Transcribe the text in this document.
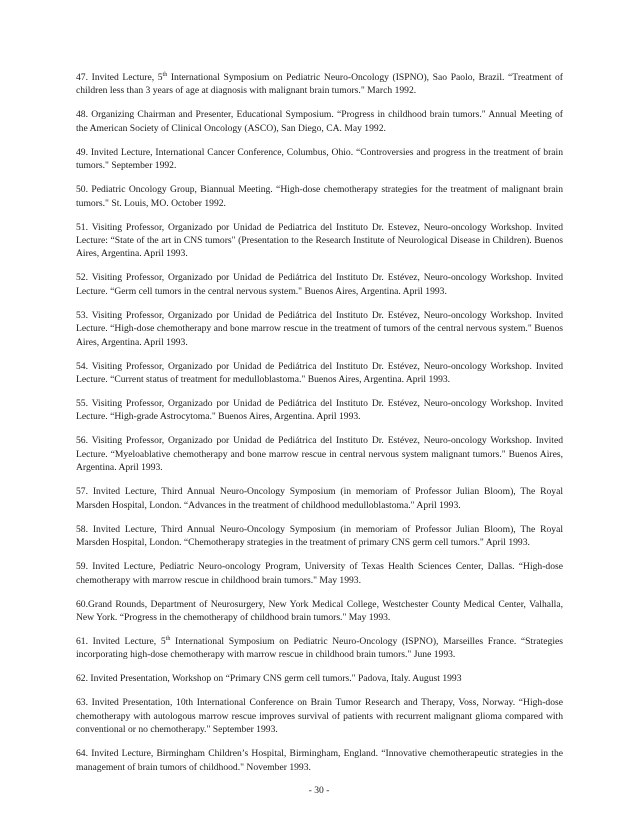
47. Invited Lecture, 5th International Symposium on Pediatric Neuro-Oncology (ISPNO), Sao Paolo, Brazil. “Treatment of children less than 3 years of age at diagnosis with malignant brain tumors." March 1992.

48. Organizing Chairman and Presenter, Educational Symposium. “Progress in childhood brain tumors." Annual Meeting of the American Society of Clinical Oncology (ASCO), San Diego, CA. May 1992.

49. Invited Lecture, International Cancer Conference, Columbus, Ohio. “Controversies and progress in the treatment of brain tumors." September 1992.

50. Pediatric Oncology Group, Biannual Meeting. “High-dose chemotherapy strategies for the treatment of malignant brain tumors." St. Louis, MO. October 1992.

51. Visiting Professor, Organizado por Unidad de Pediatrica del Instituto Dr. Estevez, Neuro-oncology Workshop. Invited Lecture: “State of the art in CNS tumors" (Presentation to the Research Institute of Neurological Disease in Children). Buenos Aires, Argentina. April 1993.

52. Visiting Professor, Organizado por Unidad de Pediátrica del Instituto Dr. Estévez, Neuro-oncology Workshop. Invited Lecture. “Germ cell tumors in the central nervous system." Buenos Aires, Argentina. April 1993.

53. Visiting Professor, Organizado por Unidad de Pediátrica del Instituto Dr. Estévez, Neuro-oncology Workshop. Invited Lecture. “High-dose chemotherapy and bone marrow rescue in the treatment of tumors of the central nervous system." Buenos Aires, Argentina. April 1993.

54. Visiting Professor, Organizado por Unidad de Pediátrica del Instituto Dr. Estévez, Neuro-oncology Workshop. Invited Lecture. “Current status of treatment for medulloblastoma." Buenos Aires, Argentina. April 1993.

55. Visiting Professor, Organizado por Unidad de Pediátrica del Instituto Dr. Estévez, Neuro-oncology Workshop. Invited Lecture. “High-grade Astrocytoma." Buenos Aires, Argentina. April 1993.

56. Visiting Professor, Organizado por Unidad de Pediátrica del Instituto Dr. Estévez, Neuro-oncology Workshop. Invited Lecture. “Myeloablative chemotherapy and bone marrow rescue in central nervous system malignant tumors." Buenos Aires, Argentina. April 1993.

57. Invited Lecture, Third Annual Neuro-Oncology Symposium (in memoriam of Professor Julian Bloom), The Royal Marsden Hospital, London. “Advances in the treatment of childhood medulloblastoma." April 1993.

58. Invited Lecture, Third Annual Neuro-Oncology Symposium (in memoriam of Professor Julian Bloom), The Royal Marsden Hospital, London. “Chemotherapy strategies in the treatment of primary CNS germ cell tumors." April 1993.

59. Invited Lecture, Pediatric Neuro-oncology Program, University of Texas Health Sciences Center, Dallas. “High-dose chemotherapy with marrow rescue in childhood brain tumors." May 1993.

60.Grand Rounds, Department of Neurosurgery, New York Medical College, Westchester County Medical Center, Valhalla, New York. “Progress in the chemotherapy of childhood brain tumors." May 1993.

61. Invited Lecture, 5th International Symposium on Pediatric Neuro-Oncology (ISPNO), Marseilles France. “Strategies incorporating high-dose chemotherapy with marrow rescue in childhood brain tumors." June 1993.

62. Invited Presentation, Workshop on “Primary CNS germ cell tumors." Padova, Italy. August 1993

63. Invited Presentation, 10th International Conference on Brain Tumor Research and Therapy, Voss, Norway. “High-dose chemotherapy with autologous marrow rescue improves survival of patients with recurrent malignant glioma compared with conventional or no chemotherapy." September 1993.

64. Invited Lecture, Birmingham Children’s Hospital, Birmingham, England. “Innovative chemotherapeutic strategies in the management of brain tumors of childhood." November 1993.

- 30 -
